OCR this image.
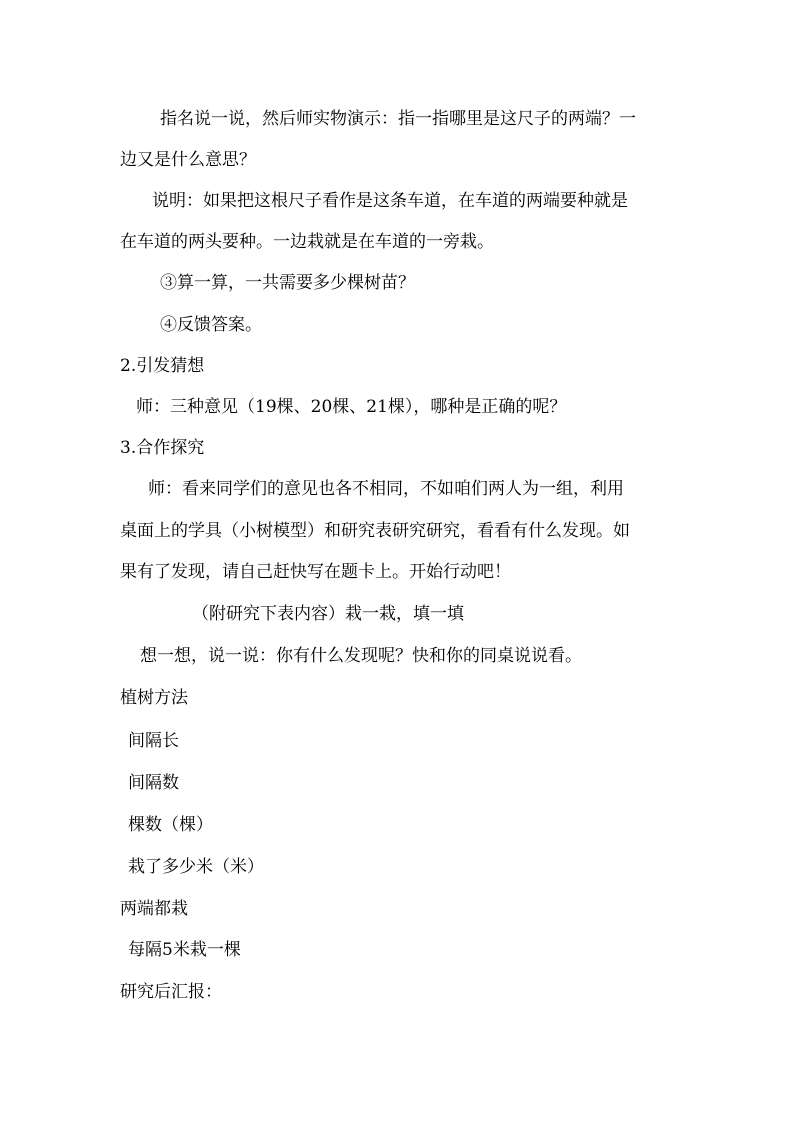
指名说一说，然后师实物演示：指一指哪里是这尺子的两端？一
边又是什么意思？
说明：如果把这根尺子看作是这条车道，在车道的两端要种就是
在车道的两头要种。一边栽就是在车道的一旁栽。
③算一算，一共需要多少棵树苗？
④反馈答案。
2.引发猜想
师：三种意见（19棵、20棵、21棵），哪种是正确的呢？
3.合作探究
师：看来同学们的意见也各不相同，不如咱们两人为一组，利用
桌面上的学具（小树模型）和研究表研究研究，看看有什么发现。如
果有了发现，请自己赶快写在题卡上。开始行动吧！
（附研究下表内容）栽一栽，填一填
想一想，说一说：你有什么发现呢？快和你的同桌说说看。
植树方法
间隔长
间隔数
棵数（棵）
栽了多少米（米）
两端都栽
每隔5米栽一棵
研究后汇报：
